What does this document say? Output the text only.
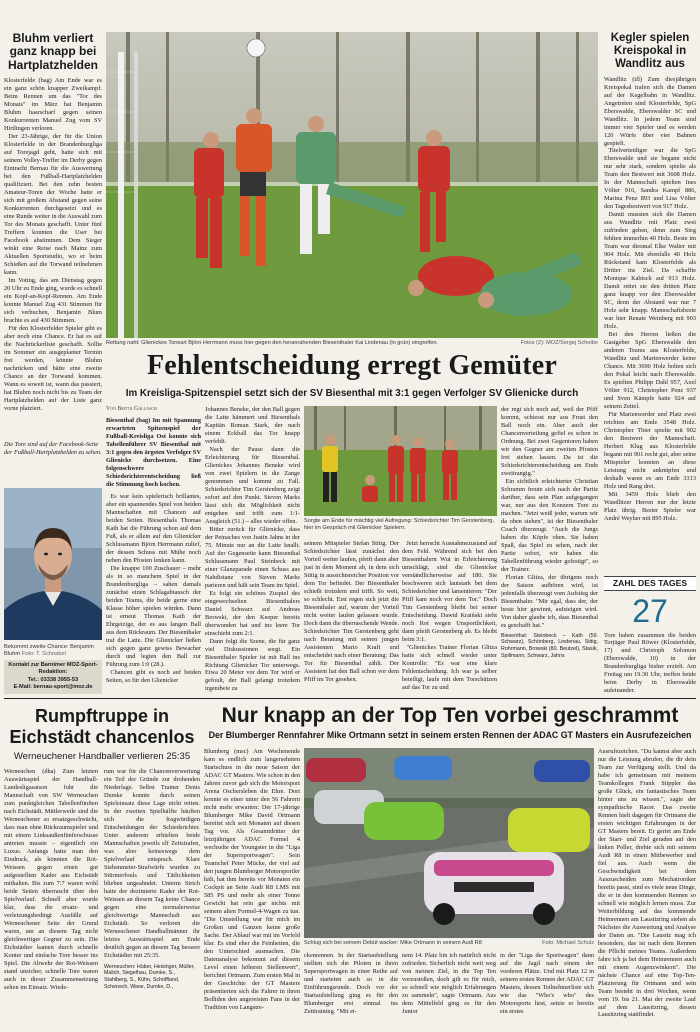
Bluhm verliert ganz knapp bei Hartplatzhelden

Klosterfelde (bag) Am Ende war es ein ganz schön knapper Zweikampf. Beim Rennen um das "Tor des Monats" im März hat Benjamin Bluhm haarscharf gegen seinen Konkurrenten Manuel Zug vom SV Hirtlingen verloren.

Der 23-Jährige, der für die Union Klosterfelde in der Brandenburgliga auf Torejagd geht, hatte sich mit seinem Volley-Treffer im Derby gegen Eintracht Bernau für die Auswertung bei den Fußball-Hartplatzhelden qualifiziert. Bei den zehn besten Amateur-Toren der Woche hatte er sich mit großem Abstand gegen seine Konkurrenten durchgesetzt und es eine Runde weiter in die Auswahl zum Tor des Monats geschafft. Unter fünf Treffern konnten die User bei Facebook abstimmen. Dem Sieger winkt eine Reise nach Mainz zum Aktuellen Sportstudio, wo er beim Schießen auf die Torwand teilnehmen kann.

Im Voting, das am Dienstag gegen 20 Uhr zu Ende ging, wurde es schnell ein Kopf-an-Kopf-Rennen. Am Ende konnte Manuel Zug 431 Stimmen für sich verbuchen, Benjamin Blum brachte es auf 430 Stimmen.

Für den Klosterfelder Spieler gibt es aber noch eine Chance. Er hat es auf die Nachrückerliste geschafft. Sollte im Sommer ein ausgeplanter Termin frei werden, könnte Bluhm nachrücken und hätte eine zweite Chance an der Torwand kommen. Wann es soweit ist, wann das passiert, hat Bluhm noch nicht bis zu Team der Hartplatzhelden auf der Liste ganz vorne platziert.

Die Tore sind auf der Facebook-Seite der Fußball-Hartplatzhelden zu sehen.

Bekommt zweite Chance: Benjamin Bluhm Foto: T. Schnabel
Kontakt zur Barnimer MOZ-Sport-Redaktion:
Tel.: 03338 3955-53
E-Mail: bernau-sport@moz.de
Fotos (2): MOZ/Sergej Scheibe
Rettung naht: Glienickes Torwart Björn Herrmann muss hier gegen den heranrahenden Biesenthaler Kai Lindenau (in grün) eingreifen.
Fehlentscheidung erregt Gemüter
Im Kreisliga-Spitzenspiel setzt sich der SV Biesenthal mit 3:1 gegen Verfolger SV Glienicke durch

Von Britta Gallasch

Biesenthal (bag) Im mit Spannung erwarteten Spitzenspiel der Fußball-Kreisliga Ost konnte sich Tabellenführer SV Biesenthal mit 3:1 gegen den ärgsten Verfolger SV Glienicke durchsetzen. Eine folgenschwere Schiedsrichterentscheidung ließ die Stimmung hoch kochen.

Es war kein spielerisch brillantes, aber ein spannendes Spiel von beiden Mannschaften mit Chancen auf beiden Seiten. Biesenthals Thomas Kath hat die Führung schon auf dem Fuß, als er allein auf den Glienicker Schlussmann Björn Herrmann zulief, der dessen Schuss mit Mühe noch neben den Pfosten lenken kann.

Die knappe 100 Zuschauer – mehr als in so manchem Spiel in der Brandenburgliga – sahen damals zunächst einen Schlagabtausch der beiden Teams, die beide gerne eine Klasse höher spielen würden. Dann ist erneut Thomas Kath der Ehrgeizige, der es aus langen Ball aus dem Rückraum. Der Biesenthaler traf die Latte. Die Glienicker ließen sich gegen ganz gewiss Bewacher durch und legten den Ball zur Führung zum 1:0 (28.).

Chancen gibt es noch auf beiden Seiten, so für den Glienicker

Johannes Beneke, der den Ball gegen die Latte hämmert und Biesenthals Kapitän Roman Stark, der nach einem Eckball das Tor knapp verfehlt.

Nach der Pause dann die Erleichterung für Biesenthal. Glienickes Johannes Beneke wird von zwei Spielern in die Zange genommen und kommt zu Fall. Schiedsrichter Tim Gerstenberg zeigt sofort auf den Punkt. Steven Marks lässt sich die Möglichkeit nicht entgehen und trifft zum 1:1-Ausgleich (51.) – alles wieder offen.

Bitter zurück für Glienicke, dass der Peinaches von Justin Jahns in der 75. Minute nur an die Latte knallt. Auf der Gegenseite kann Biesenthal Schlussmann Paul Steinbeck mit einer Glanzparade einen Schuss aus Nahdistanz von Steven Marks parieren und hält sein Team im Spiel.

Es folgt ein schönes Zuspiel des eingewechselten Biesenthalers Daniel Schwarz auf Andreas Browski, der den Keeper bereits überwunden hat und ins leere Tor einschiebt zum 2:1.

Dann folgt die Szene, die für ganz viel Diskussionen sorgt. Ein Biesenthaler Spieler ist mit Ball ins Richtung Glienicker Tor unterwegs. Etwa 20 Meter vor dem Tor wird er gefoult, der Ball gelangt trotzdem irgendwie zu

Sorgte am Ende für mächtig viel Aufregung: Schiedsrichter Tim Gerstenberg, hier im Gespräch mit Glienicker Spielern.

seinem Mitspieler Stefan Stitig. Der Schiedsrichter lässt zunächst den Vorteil weiter laufen, pfeift dann aber just in dem Moment ab, in dem sich Stitig in aussichtsreicher Position vor dem Tor befindet. Der Biesenthaler schießt trotzdem und trifft. So weit, so schlecht. Erst regen sich jetzt die Biesenthaler auf, warum der Vorteil nicht weiter laufen gelassen wurde. Doch dann die überraschende Wende. Schiedsrichter Tim Gerstenberg geht nach Beratung mit seinen jungen Assistenten Mario Kraft und entscheidet nach einer Beratung: Das Tor für Biesenthal zählt. Der Assistent hat den Ball schon vor dem Pfiff im Tor gesehen.

Jetzt herrscht Ausnahmezustand auf dem Feld. Während sich bei den Biesenthalern Wut in Erleichterung umschlägt, sind die Glienicker verständlicherweise auf 180. Sie beschweren sich lautstark bei dem Schiedsrichter und lamentieren: "Der Pfiff kam noch vor dem Tor." Doch Tim Gerstenberg bleibt bei seiner Entscheidung. Dawid Kraiński sieht noch Rot wegen Unsportlichkeit, dann pfeift Gerstenberg ab. Es bleibt beim 3:1.

"Glienickes Trainer Florian Glitza hatte sich schnell wieder unter Kontrolle: "Es war eine klare Fehlentscheidung. Ich war ja selber beteiligt, laufe mit dem Torschützen auf das Tor zu und

der regt sich noch auf, weil der Pfiff kommt, schiesst nur aus Frust den Ball noch ein. Aber auch der Chancenverteilung gefiel es schon in Ordnung. Bei zwei Gegentoren haben wir den Gegner am zweiten Pfosten frei stehen lassen. Da ist die Schiedsrichterentscheidung am Ende zweitrangig."

Ein sichtlich erleichterter Christian Schramm freute sich nach der Partie darüber, dass sein Plan aufgegangen war, nur aus den Konzern Tore zu machen. "Jetzt weiß jeder, warum wir da oben stehen", ist der Biesenthaler Coach überzeugt. "Auch die Jungs haben die Köpfe oben. Sie haben Spaß, das Spiel zu sehen, nach der Partie sofort, wir haben die Tabellenführung wieder gefestigt", so der Trainer.

Florian Glitza, der übrigens noch der Saison aufhören wird, ist jedenfalls überzeugt vom Aufstieg der Biesenthaler. "Mir egal, dass der, der beste hier gewinnt, aufsteigen wird. Von daher glaube ich, dass Biesenthal es geschafft hat."

Biesenthal: Steinbeck – Kath (59. Schwarz), Schönberg, Lindenau, Stitig, Rohrmann, Browski (80. Beutzel), Stasik, Spillmann, Schwarz, Jahns

Kegler spielen Kreispokal in Wandlitz aus

Wandlitz (tfl) Zum diesjährigen Kreispokal trafen sich die Damen auf der Kegelbahn in Wandlitz. Angetreten sind Klosterfelde, SpG Eberswalde, Eberswalder SC und Wandlitz. In jedem Team sind immer vier Spieler und es werden 120 Würfe über vier Bahnen gespielt.

Titelverteidiger war die SpG Eberswalde und sie begann nicht nur sehr stark, sondern spielte als Team den Bestwert mit 3608 Holz. In der Mannschaft spielten Ines Völter 916, Sandra Kampf 886, Marina Penz 893 und Lisa Völter den Tagesbestwert von 917 Holz.

Damit mussten sich die Damen aus Wandlitz mit Platz zwei zufrieden geben, denn zum Sieg fehlten immerhin 40 Holz. Beste im Team war diesmal Elke Walter mit 904 Holz. Mit ebenfalls 40 Holz Rückstand kam Klosterfelde als Dritter ins Ziel. Da schaffte Monique Kabisch auf 913 Holz. Damit rettet sie den dritten Platz ganz knapp vor den Eberswalder SC, denn der Abstand war nur 7 Holz sehr knapp. Mannschaftsbeste war hier Renate Weinberg mit 903 Holz.

Bei den Herren ließen die Gastgeber SpG Eberswalde den anderen Teams aus Klosterfelde, Wandlitz und Marienwerder keine Chance. Mit 3690 Holz holten sich den Pokal leicht nach Eberswalde. Es spielten Philipp Dahl 957, Axel Völter 912, Christopher Penz 937 und Sven Kämpfe hatte 924 auf seinem Zettel.

Für Marienwerder und Platz zwei reichten am Ende 3548 Holz. Christopher Thier spielte mit 902 den Bestwert der Mannschaft. Herbert Klug aus Klosterfelde begann mit 901 recht gut, aber seine Mitspieler konnten an diese Leistung nicht anknüpfen und deshalb waren es am Ende 3313 Holz und Rang drei.

Mit 3459 Holz blieb den Wandlitzer Herren nur der letzte Platz übrig. Bester Spieler war André Weyher mit 895 Holz.

ZAHL DES TAGES
27

Tore haben zusammen die beiden Torjäger Paul Röwer (Klosterfelde, 17) und Christoph Solomon (Eberswalde, 10) in der Brandenburgliga bisher erzielt. Am Freitag um 19.30 Uhr, treffen beide beim Derby in Eberswalde aufeinander.

Rumpftruppe in Eichstädt chancenlos
Werneuchener Handballer verlieren 25:35
Werneuchen (dha) Zum letzten Auswärtsspiel der Handball-Landesligasaison fuhr die Mannschaft von SW Werneuchen zum punktgleichen Tabellenfünften nach Eichstädt. Mittlerweile sind die Werneuchener so ersatzgeschwächt, dass man ohne Rückraumspieler und mit einem Linksaußenfünferschusse antreten musste – eigentlich ein Luxus. Anfangs hatte man den Eindruck, als könnten die Rot-Weissen gegen einen gut aufgestellten Kader aus Eichstädt mithalten. Bis zum 7:7 waren wohl beide Seiten überrascht über den Spielverlauf. Schnell aber wurde klar, dass die ersatz- und verletzungsbedingt Ausfälle auf Werneuchener Seite der Grund waren, um an diesem Tag nicht gleichwertiger Gegner zu sein. Die Eichstädter kamen durch schnelle Konter und einfache Tore besser ins Spiel. Die Abwehr der Rot-Weissen stand unsicher, schnelle Tore waren auch in dieser Zusammensetzung selten im Einsatz. Wiede-
rum war für die Chancenverwertung ein Teil der Gründe zur drohenden Niederlage. Selbst Trainer Denis Dumke konnte durch seinen Spieleinsatz diese Lage nicht retten. In der zweiten Spielhälfte häuften sich die fragwürdigen Entscheidungen der Schiedsrichter. Unter anderem erhielten beide Mannschaften jeweils elf Zeitstrafen, was aber keineswegs dem Spielverlauf entsprach. Klare Siebenmeter-Strafwürfe wurden zu Stürmerfouls und Tätlichkeiten blieben ungeahndet. Unterm Strich hatte der dezimierte Kader der Rot-Weissen an diesem Tag keine Chance gegen eine normalerweise gleichwertige Mannschaft aus Eichstädt. So verloren die Werneuchener Handballmänner ihr letztes Auswärtsspiel am Ende deutlich gegen an diesem Tag bessere Eichstädter mit 25:35.

Werneuchen: Hüber, Heisinger, Müller, Malich, Siegelhau, Dumke, S., Stahlberg, S., Kühn, Schoffland, Schensch, Wase, Dumke, D.,

Nur knapp an der Top Ten vorbei geschrammt
Der Blumberger Rennfahrer Mike Ortmann setzt in seinem ersten Rennen der ADAC GT Masters ein Ausrufezeichen
Blumberg (msc) Am Wochenende kam es endlich zum langersehnten Startschuss in die neue Saison der ADAC GT Masters. Wie schon in den Jahren zuvor gab sich die Motorsport Arena Oschersleben die Ehre. Dort konnte es einer unter den 56 Fahrern nicht mehr erwarten: Der 17-jährige Blumberger Mike David Ortmann bereitet sich seit Monaten auf diesen Tag vor. Als Gesamtdritter der letztjährigen ADAC Formel 4 wechselte der Youngster in die "Liga der Supersportwagen". Sein Teamchef Peter Mücke, der viel auf den jungen Blumberger Motorsportler hält, hat ihm bereits vor Monaten ein Cockpit an Seite Audi R8 LMS mit 585 PS und mehr als einer Tonne Gewicht hat rein gar nichts mit seinem alten Formel-4-Wagen zu tun. "Die Umstellung war für mich im Großen und Ganzen keine große Sache. Der Ablauf war mit im Vorfeld klar. Es sind eher die Feinheiten, die den Unterschied ausmachen. Die Datenanalyse bekommt auf diesem Level einen höheren Stellenwert", berichtet Ortmann. Zum ersten Mal in der Geschichte der GT Masters präsentierten sich die Fahrer in ihren Bolliden den angereisten Fans in der Tradition von Langstre-
Foto: Michael Schulz
Schlug sich bei seinem Debüt wacker: Mike Ortmann in seinem Audi R8
ckenrennen. In der Startaufstellung stellten sich die Piloten in ihren Supersportwagen in einer Reihe auf und starteten auch so in die Einführungsrunde. Doch vor der Startaufstellung ging es für den Blumberger erst einmal ins Zeittraining. "Mit ei-
nem 14. Platz bin ich natürlich nicht zufrieden. Sicherlich nicht weit weg von meinen Ziel, in die Top Ten vorzustoßen, doch gilt es für mich, so schnell wie möglich Erfahrungen zu sammeln", sagte Ortmann. Aus dem Mittelfeld ging es für den Junior
in der "Liga der Sportwagen" dann auf die Jagd nach einem der vorderen Plätze. Und mit Platz 12 in seinem ersten Rennen der ADAC GT Masters, dessen Teilnehmerliste sich wie das "Who's who" des Motorsports liest, setzte er bereits ein erstes
Ausrufezeichen. "Du kannst aber auch nur die Leistung abrufen, die dir dein Team zur Verfügung stellt. Und da habe ich gemeinsam mit meinem Teamkollegen Frank Stippler das große Glück, ein fantastisches Team hinter uns zu wissen.", sagte der sympathische Racer. Das zweite Rennen hielt dagegen für Ortmann die ersten wichtigen Erfahrungen in der GT Masters bereit. Er geriet am Ende der Start- und Ziel geraden auf den linken Poller, drehte sich mit seinem Audi R8 in einen Mitbewerber und fiel aus. Auch wenn die Geschwindigkeit bei dem Auszuscheiden zum Mechatroniker bereits passt, sind es viele neue Dinge, die er in den kommenden Rennen so schnell wie möglich lernen muss. Zur Weiterbildung auf das kommende Heimrennen am Lausitzring stehen als Nächstes die Auswertung und Analyse der Daten an. "Die Lausitz mag ich besonders, das ist nach dem Rennen die Pflicht meines Teams. Außerdem fahre ich ja bei dem Heimrennen auch mit einem Augenzwinkern". Die nächste Chance auf eine Top-Ten-Platzierung für Ortmann und sein Team besteht in drei Wochen, wenn vom 19. bis 21. Mai der zweite Lauf auf dem Lausitzring, dessen Lausitzring stattfindet.
